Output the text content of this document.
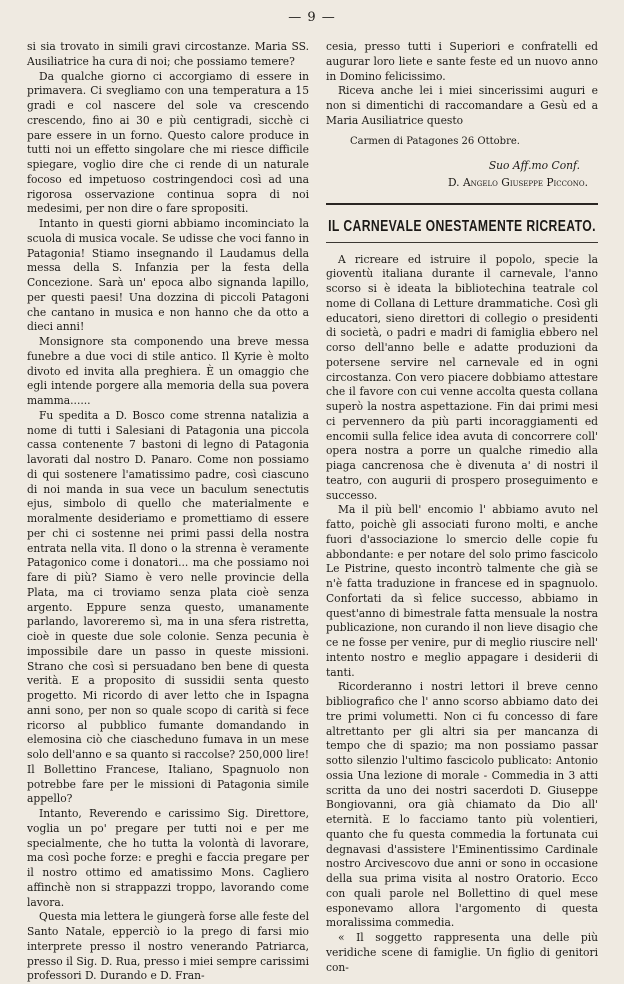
— 9 —

si sia trovato in simili gravi circostanze. Maria SS. Ausiliatrice ha cura di noi; che possiamo temere?

Da qualche giorno ci accorgiamo di essere in primavera. Ci svegliamo con una temperatura a 15 gradi e col nascere del sole va crescendo crescendo, fino ai 30 e più centigradi, sicchè ci pare essere in un forno. Questo calore produce in tutti noi un effetto singolare che mi riesce difficile spiegare, voglio dire che ci rende di un naturale focoso ed impetuoso costringendoci così ad una rigorosa osservazione continua sopra di noi medesimi, per non dire o fare spropositi.

Intanto in questi giorni abbiamo incominciato la scuola di musica vocale. Se udisse che voci fanno in Patagonia! Stiamo insegnando il Laudamus della messa della S. Infanzia per la festa della Concezione. Sarà un' epoca albo signanda lapillo, per questi paesi! Una dozzina di piccoli Patagoni che cantano in musica e non hanno che da otto a dieci anni!

Monsignore sta componendo una breve messa funebre a due voci di stile antico. Il Kyrie è molto divoto ed invita alla preghiera. È un omaggio che egli intende porgere alla memoria della sua povera mamma......

Fu spedita a D. Bosco come strenna natalizia a nome di tutti i Salesiani di Patagonia una piccola cassa contenente 7 bastoni di legno di Patagonia lavorati dal nostro D. Panaro. Come non possiamo di qui sostenere l'amatissimo padre, così ciascuno di noi manda in sua vece un baculum senectutis ejus, simbolo di quello che materialmente e moralmente desideriamo e promettiamo di essere per chi ci sostenne nei primi passi della nostra entrata nella vita. Il dono o la strenna è veramente Patagonico come i donatori... ma che possiamo noi fare di più? Siamo è vero nelle provincie della Plata, ma ci troviamo senza plata cioè senza argento. Eppure senza questo, umanamente parlando, lavoreremo sì, ma in una sfera ristretta, cioè in queste due sole colonie. Senza pecunia è impossibile dare un passo in queste missioni. Strano che così si persuadano ben bene di questa verità. E a proposito di sussidii senta questo progetto. Mi ricordo di aver letto che in Ispagna anni sono, per non so quale scopo di carità si fece ricorso al pubblico fumante domandando in elemosina ciò che ciascheduno fumava in un mese solo dell'anno e sa quanto si raccolse? 250,000 lire! Il Bollettino Francese, Italiano, Spagnuolo non potrebbe fare per le missioni di Patagonia simile appello?

Intanto, Reverendo e carissimo Sig. Direttore, voglia un po' pregare per tutti noi e per me specialmente, che ho tutta la volontà di lavorare, ma così poche forze: e preghi e faccia pregare per il nostro ottimo ed amatissimo Mons. Cagliero affinchè non si strappazzi troppo, lavorando come lavora.

Questa mia lettera le giungerà forse alle feste del Santo Natale, epperciò io la prego di farsi mio interprete presso il nostro venerando Patriarca, presso il Sig. D. Rua, presso i miei sempre carissimi professori D. Durando e D. Fran-

cesia, presso tutti i Superiori e confratelli ed augurar loro liete e sante feste ed un nuovo anno in Domino felicissimo.

Riceva anche lei i miei sincerissimi auguri e non si dimentichi di raccomandare a Gesù ed a Maria Ausiliatrice questo

Carmen di Patagones 26 Ottobre.

Suo Aff.mo Conf.

D. Angelo Giuseppe Piccono.

IL CARNEVALE ONESTAMENTE RICREATO.

A ricreare ed istruire il popolo, specie la gioventù italiana durante il carnevale, l'anno scorso si è ideata la bibliotechina teatrale col nome di Collana di Letture drammatiche. Così gli educatori, sieno direttori di collegio o presidenti di società, o padri e madri di famiglia ebbero nel corso dell'anno belle e adatte produzioni da potersene servire nel carnevale ed in ogni circostanza. Con vero piacere dobbiamo attestare che il favore con cui venne accolta questa collana superò la nostra aspettazione. Fin dai primi mesi ci pervennero da più parti incoraggiamenti ed encomii sulla felice idea avuta di concorrere coll' opera nostra a porre un qualche rimedio alla piaga cancrenosa che è divenuta a' di nostri il teatro, con augurii di prospero proseguimento e successo.

Ma il più bell' encomio l' abbiamo avuto nel fatto, poichè gli associati furono molti, e anche fuori d'associazione lo smercio delle copie fu abbondante: e per notare del solo primo fascicolo Le Pistrine, questo incontrò talmente che già se n'è fatta traduzione in francese ed in spagnuolo. Confortati da sì felice successo, abbiamo in quest'anno di bimestrale fatta mensuale la nostra publicazione, non curando il non lieve disagio che ce ne fosse per venire, pur di meglio riuscire nell' intento nostro e meglio appagare i desiderii di tanti.

Ricorderanno i nostri lettori il breve cenno bibliografico che l' anno scorso abbiamo dato dei tre primi volumetti. Non ci fu concesso di fare altrettanto per gli altri sia per mancanza di tempo che di spazio; ma non possiamo passar sotto silenzio l'ultimo fascicolo publicato: Antonio ossia Una lezione di morale - Commedia in 3 atti scritta da uno dei nostri sacerdoti D. Giuseppe Bongiovanni, ora già chiamato da Dio all' eternità. E lo facciamo tanto più volentieri, quanto che fu questa commedia la fortunata cui degnavasi d'assistere l'Eminentissimo Cardinale nostro Arcivescovo due anni or sono in occasione della sua prima visita al nostro Oratorio. Ecco con quali parole nel Bollettino di quel mese esponevamo allora l'argomento di questa moralissima commedia.

« Il soggetto rappresenta una delle più veridiche scene di famiglie. Un figlio di genitori con-
